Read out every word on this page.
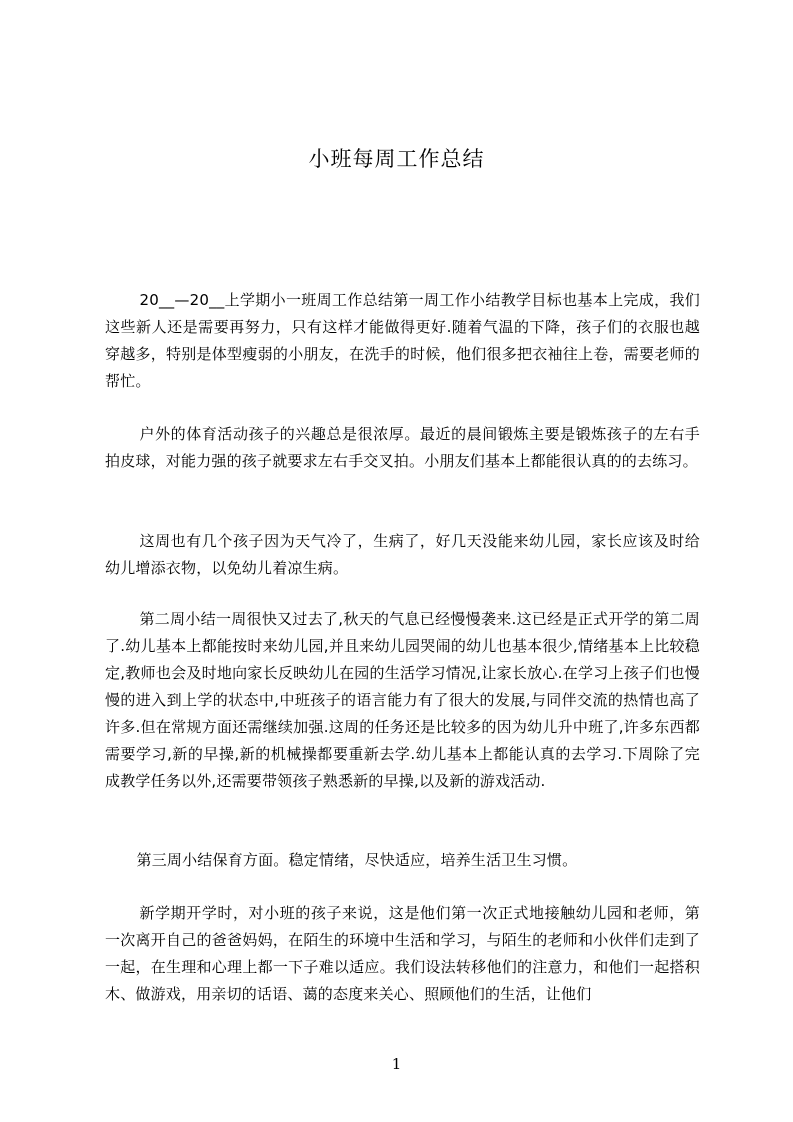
小班每周工作总结

20__—20__上学期小一班周工作总结第一周工作小结教学目标也基本上完成，我们这些新人还是需要再努力，只有这样才能做得更好.随着气温的下降，孩子们的衣服也越穿越多，特别是体型瘦弱的小朋友，在洗手的时候，他们很多把衣袖往上卷，需要老师的帮忙。

户外的体育活动孩子的兴趣总是很浓厚。最近的晨间锻炼主要是锻炼孩子的左右手拍皮球，对能力强的孩子就要求左右手交叉拍。小朋友们基本上都能很认真的的去练习。

这周也有几个孩子因为天气冷了，生病了，好几天没能来幼儿园，家长应该及时给幼儿增添衣物，以免幼儿着凉生病。

第二周小结一周很快又过去了,秋天的气息已经慢慢袭来.这已经是正式开学的第二周了.幼儿基本上都能按时来幼儿园,并且来幼儿园哭闹的幼儿也基本很少,情绪基本上比较稳定,教师也会及时地向家长反映幼儿在园的生活学习情况,让家长放心.在学习上孩子们也慢慢的进入到上学的状态中,中班孩子的语言能力有了很大的发展,与同伴交流的热情也高了许多.但在常规方面还需继续加强.这周的任务还是比较多的因为幼儿升中班了,许多东西都需要学习,新的早操,新的机械操都要重新去学.幼儿基本上都能认真的去学习.下周除了完成教学任务以外,还需要带领孩子熟悉新的早操,以及新的游戏活动.

第三周小结保育方面。稳定情绪，尽快适应，培养生活卫生习惯。

新学期开学时，对小班的孩子来说，这是他们第一次正式地接触幼儿园和老师，第一次离开自己的爸爸妈妈，在陌生的环境中生活和学习，与陌生的老师和小伙伴们走到了一起，在生理和心理上都一下子难以适应。我们设法转移他们的注意力，和他们一起搭积木、做游戏，用亲切的话语、蔼的态度来关心、照顾他们的生活，让他们

1
